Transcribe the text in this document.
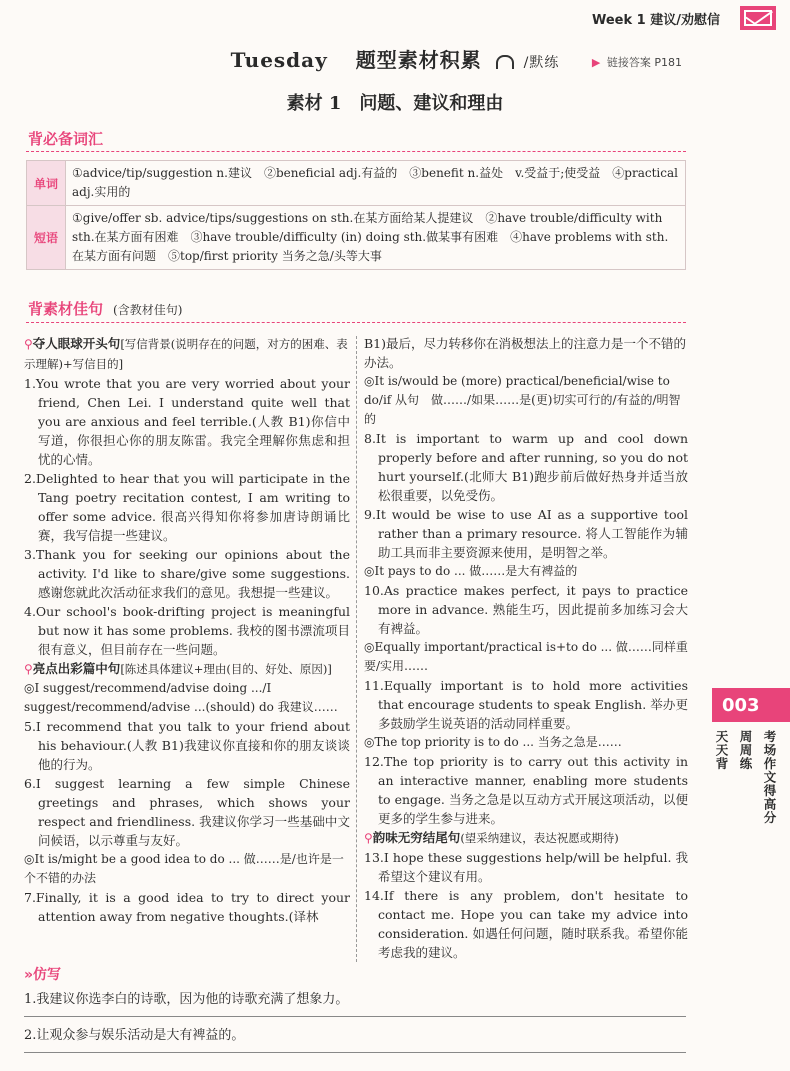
Week 1 建议/劝慰信
Tuesday 题型素材积累	/默练	▶ 链接答案 P181
素材 1　问题、建议和理由
背必备词汇
单词
①advice/tip/suggestion n.建议　②beneficial adj.有益的　③benefit n.益处　v.受益于;使受益　④practical adj.实用的
短语
①give/offer sb. advice/tips/suggestions on sth.在某方面给某人提建议　②have trouble/difficulty with sth.在某方面有困难　③have trouble/difficulty (in) doing sth.做某事有困难　④have problems with sth.在某方面有问题　⑤top/first priority 当务之急/头等大事
背素材佳句 (含教材佳句)
⚲夺人眼球开头句[写信背景(说明存在的问题，对方的困难、表示理解)+写信目的]
1.You wrote that you are very worried about your friend, Chen Lei. I understand quite well that you are anxious and feel terrible.(人教 B1)你信中写道，你很担心你的朋友陈雷。我完全理解你焦虑和担忧的心情。
2.Delighted to hear that you will participate in the Tang poetry recitation contest, I am writing to offer some advice. 很高兴得知你将参加唐诗朗诵比赛，我写信提一些建议。
3.Thank you for seeking our opinions about the activity. I'd like to share/give some suggestions. 感谢您就此次活动征求我们的意见。我想提一些建议。
4.Our school's book-drifting project is meaningful but now it has some problems. 我校的图书漂流项目很有意义，但目前存在一些问题。
⚲亮点出彩篇中句[陈述具体建议+理由(目的、好处、原因)]
◎I suggest/recommend/advise doing .../I suggest/recommend/advise ...(should) do 我建议……
5.I recommend that you talk to your friend about his behaviour.(人教 B1)我建议你直接和你的朋友谈谈他的行为。
6.I suggest learning a few simple Chinese greetings and phrases, which shows your respect and friendliness. 我建议你学习一些基础中文问候语，以示尊重与友好。
◎It is/might be a good idea to do ... 做……是/也许是一个不错的办法
7.Finally, it is a good idea to try to direct your attention away from negative thoughts.(译林
B1)最后，尽力转移你在消极想法上的注意力是一个不错的办法。
◎It is/would be (more) practical/beneficial/wise to do/if 从句　做……/如果……是(更)切实可行的/有益的/明智的
8.It is important to warm up and cool down properly before and after running, so you do not hurt yourself.(北师大 B1)跑步前后做好热身并适当放松很重要，以免受伤。
9.It would be wise to use AI as a supportive tool rather than a primary resource. 将人工智能作为辅助工具而非主要资源来使用，是明智之举。
◎It pays to do ... 做……是大有裨益的
10.As practice makes perfect, it pays to practice more in advance. 熟能生巧，因此提前多加练习会大有裨益。
◎Equally important/practical is+to do ... 做……同样重要/实用……
11.Equally important is to hold more activities that encourage students to speak English. 举办更多鼓励学生说英语的活动同样重要。
◎The top priority is to do ... 当务之急是……
12.The top priority is to carry out this activity in an interactive manner, enabling more students to engage. 当务之急是以互动方式开展这项活动，以便更多的学生参与进来。
⚲韵味无穷结尾句(望采纳建议，表达祝愿或期待)
13.I hope these suggestions help/will be helpful. 我希望这个建议有用。
14.If there is any problem, don't hesitate to contact me. Hope you can take my advice into consideration. 如遇任何问题，随时联系我。希望你能考虑我的建议。
003
天天背 周周练 考场作文得高分
»仿写
1.我建议你选李白的诗歌，因为他的诗歌充满了想象力。
2.让观众参与娱乐活动是大有裨益的。
